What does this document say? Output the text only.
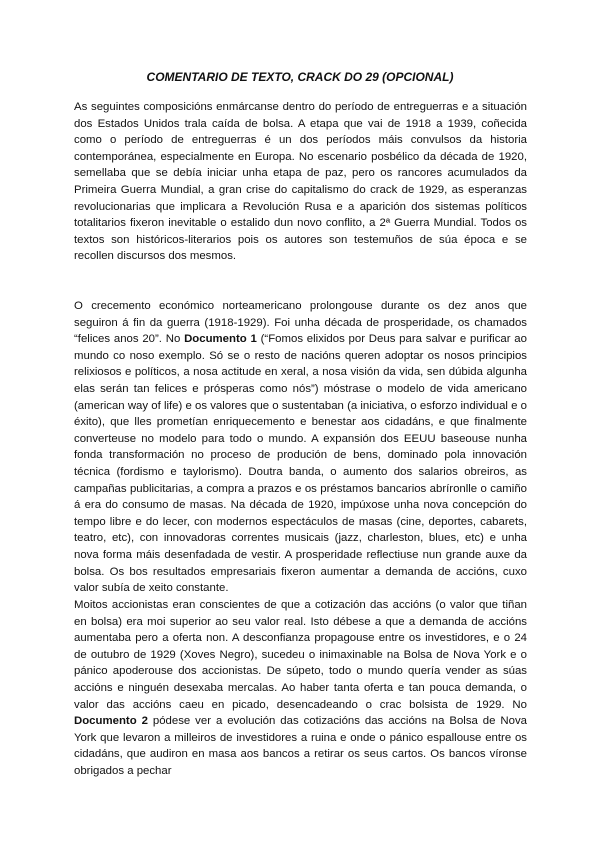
COMENTARIO DE TEXTO, CRACK DO 29 (OPCIONAL)

As seguintes composicións enmárcanse dentro do período de entreguerras e a situación dos Estados Unidos trala caída de bolsa. A etapa que vai de 1918 a 1939, coñecida como o período de entreguerras é un dos períodos máis convulsos da historia contemporánea, especialmente en Europa. No escenario posbélico da década de 1920, semellaba que se debía iniciar unha etapa de paz, pero os rancores acumulados da Primeira Guerra Mundial, a gran crise do capitalismo do crack de 1929, as esperanzas revolucionarias que implicara a Revolución Rusa e a aparición dos sistemas políticos totalitarios fixeron inevitable o estalido dun novo conflito, a 2ª Guerra Mundial. Todos os textos son históricos-literarios pois os autores son testemuños de súa época e se recollen discursos dos mesmos.

O crecemento económico norteamericano prolongouse durante os dez anos que seguiron á fin da guerra (1918-1929). Foi unha década de prosperidade, os chamados “felices anos 20”. No Documento 1 (“Fomos elixidos por Deus para salvar e purificar ao mundo co noso exemplo. Só se o resto de nacións queren adoptar os nosos principios relixiosos e políticos, a nosa actitude en xeral, a nosa visión da vida, sen dúbida algunha elas serán tan felices e prósperas como nós”) móstrase o modelo de vida americano (american way of life) e os valores que o sustentaban (a iniciativa, o esforzo individual e o éxito), que lles prometían enriquecemento e benestar aos cidadáns, e que finalmente converteuse no modelo para todo o mundo. A expansión dos EEUU baseouse nunha fonda transformación no proceso de produción de bens, dominado pola innovación técnica (fordismo e taylorismo). Doutra banda, o aumento dos salarios obreiros, as campañas publicitarias, a compra a prazos e os préstamos bancarios abríronlle o camiño á era do consumo de masas. Na década de 1920, impúxose unha nova concepción do tempo libre e do lecer, con modernos espectáculos de masas (cine, deportes, cabarets, teatro, etc), con innovadoras correntes musicais (jazz, charleston, blues, etc) e unha nova forma máis desenfadada de vestir. A prosperidade reflectiuse nun grande auxe da bolsa. Os bos resultados empresariais fixeron aumentar a demanda de accións, cuxo valor subía de xeito constante.

Moitos accionistas eran conscientes de que a cotización das accións (o valor que tiñan en bolsa) era moi superior ao seu valor real. Isto débese a que a demanda de accións aumentaba pero a oferta non. A desconfianza propagouse entre os investidores, e o 24 de outubro de 1929 (Xoves Negro), sucedeu o inimaxinable na Bolsa de Nova York e o pánico apoderouse dos accionistas. De súpeto, todo o mundo quería vender as súas accións e ninguén desexaba mercalas. Ao haber tanta oferta e tan pouca demanda, o valor das accións caeu en picado, desencadeando o crac bolsista de 1929. No Documento 2 pódese ver a evolución das cotizacións das accións na Bolsa de Nova York que levaron a milleiros de investidores a ruina e onde o pánico espallouse entre os cidadáns, que audiron en masa aos bancos a retirar os seus cartos. Os bancos víronse obrigados a pechar
